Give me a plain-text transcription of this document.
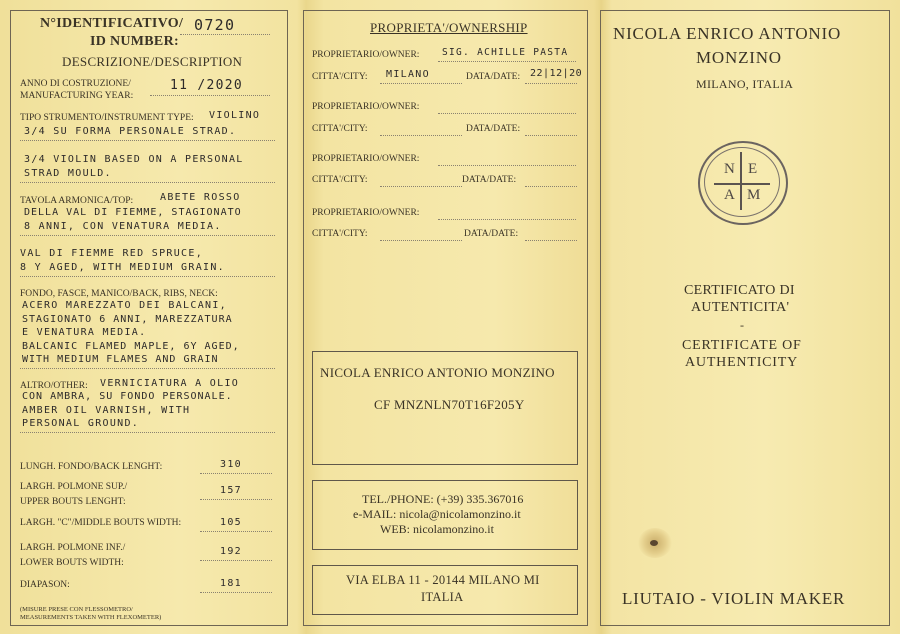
N°IDENTIFICATIVO/
ID NUMBER:
0720
DESCRIZIONE/DESCRIPTION
ANNO DI COSTRUZIONE/
MANUFACTURING YEAR:
11 /2020
TIPO STRUMENTO/INSTRUMENT TYPE: VIOLINO
3/4 SU FORMA PERSONALE STRAD.
3/4 VIOLIN BASED ON A PERSONAL
STRAD MOULD.
TAVOLA ARMONICA/TOP:	ABETE ROSSO
DELLA VAL DI FIEMME, STAGIONATO
8 ANNI, CON VENATURA MEDIA.
VAL DI FIEMME RED SPRUCE,
8 Y AGED, WITH MEDIUM GRAIN.
FONDO, FASCE, MANICO/BACK, RIBS, NECK:
ACERO MAREZZATO DEI BALCANI,
STAGIONATO 6 ANNI, MAREZZATURA
E VENATURA MEDIA.
BALCANIC FLAMED MAPLE, 6Y AGED,
WITH MEDIUM FLAMES AND GRAIN
ALTRO/OTHER: VERNICIATURA A OLIO
CON AMBRA, SU FONDO PERSONALE.
AMBER OIL VARNISH, WITH
PERSONAL GROUND.
LUNGH. FONDO/BACK LENGHT:	310
LARGH. POLMONE SUP./
UPPER BOUTS LENGHT:
157
LARGH. "C"/MIDDLE BOUTS WIDTH:	105
LARGH. POLMONE INF./
LOWER BOUTS WIDTH:
192
DIAPASON:	181
(MISURE PRESE CON FLESSOMETRO/
MEASUREMENTS TAKEN WITH FLEXOMETER)
PROPRIETA'/OWNERSHIP
PROPRIETARIO/OWNER: SIG. ACHILLE PASTA
CITTA'/CITY: MILANO	DATA/DATE: 22|12|20
PROPRIETARIO/OWNER:
CITTA'/CITY:	DATA/DATE:
PROPRIETARIO/OWNER:
CITTA'/CITY:	DATA/DATE:
PROPRIETARIO/OWNER:
CITTA'/CITY:	DATA/DATE:
NICOLA ENRICO ANTONIO MONZINO
CF MNZNLN70T16F205Y
TEL./PHONE: (+39) 335.367016
e-MAIL: nicola@nicolamonzino.it
WEB: nicolamonzino.it
VIA ELBA 11 - 20144 MILANO MI
ITALIA
NICOLA ENRICO ANTONIO
MONZINO
MILANO, ITALIA
N E
A M
CERTIFICATO DI
AUTENTICITA'
-
CERTIFICATE OF
AUTHENTICITY
LIUTAIO - VIOLIN MAKER
